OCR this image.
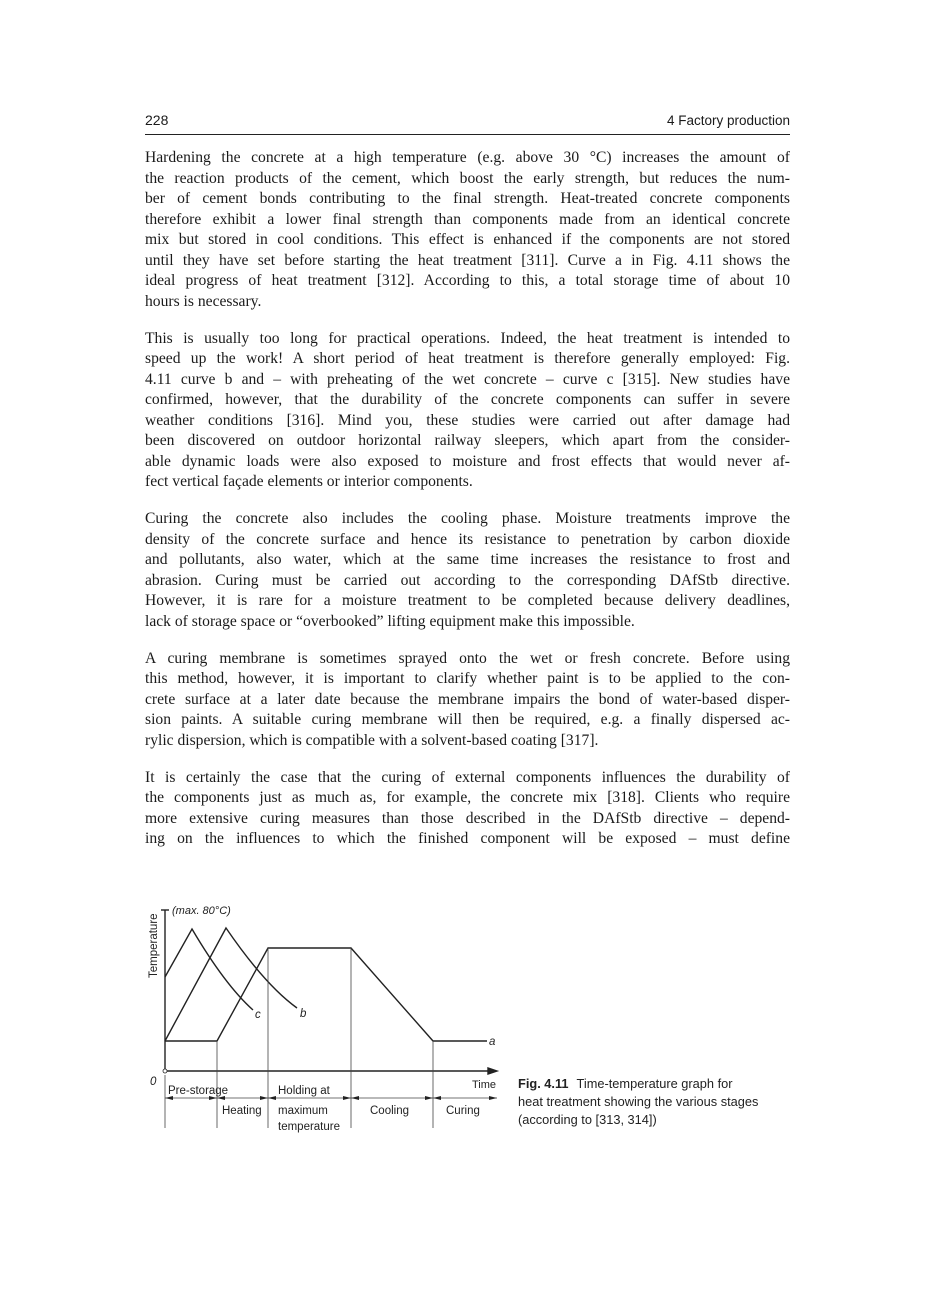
228	4 Factory production

Hardening the concrete at a high temperature (e.g. above 30 °C) increases the amount of
the reaction products of the cement, which boost the early strength, but reduces the num-
ber of cement bonds contributing to the final strength. Heat-treated concrete components
therefore exhibit a lower final strength than components made from an identical concrete
mix but stored in cool conditions. This effect is enhanced if the components are not stored
until they have set before starting the heat treatment [311]. Curve a in Fig. 4.11 shows the
ideal progress of heat treatment [312]. According to this, a total storage time of about 10
hours is necessary.

This is usually too long for practical operations. Indeed, the heat treatment is intended to
speed up the work! A short period of heat treatment is therefore generally employed: Fig.
4.11 curve b and – with preheating of the wet concrete – curve c [315]. New studies have
confirmed, however, that the durability of the concrete components can suffer in severe
weather conditions [316]. Mind you, these studies were carried out after damage had
been discovered on outdoor horizontal railway sleepers, which apart from the consider-
able dynamic loads were also exposed to moisture and frost effects that would never af-
fect vertical façade elements or interior components.

Curing the concrete also includes the cooling phase. Moisture treatments improve the
density of the concrete surface and hence its resistance to penetration by carbon dioxide
and pollutants, also water, which at the same time increases the resistance to frost and
abrasion. Curing must be carried out according to the corresponding DAfStb directive.
However, it is rare for a moisture treatment to be completed because delivery deadlines,
lack of storage space or “overbooked” lifting equipment make this impossible.

A curing membrane is sometimes sprayed onto the wet or fresh concrete. Before using
this method, however, it is important to clarify whether paint is to be applied to the con-
crete surface at a later date because the membrane impairs the bond of water-based disper-
sion paints. A suitable curing membrane will then be required, e.g. a finally dispersed ac-
rylic dispersion, which is compatible with a solvent-based coating [317].

It is certainly the case that the curing of external components influences the durability of
the components just as much as, for example, the concrete mix [318]. Clients who require
more extensive curing measures than those described in the DAfStb directive – depend-
ing on the influences to which the finished component will be exposed – must define

Temperature
(max. 80°C)
0	Time
a
b
c
Pre-storage
Heating
Holding at
maximum
temperature
Cooling	Curing
Fig. 4.11 Time-temperature graph for
heat treatment showing the various stages
(according to [313, 314])
